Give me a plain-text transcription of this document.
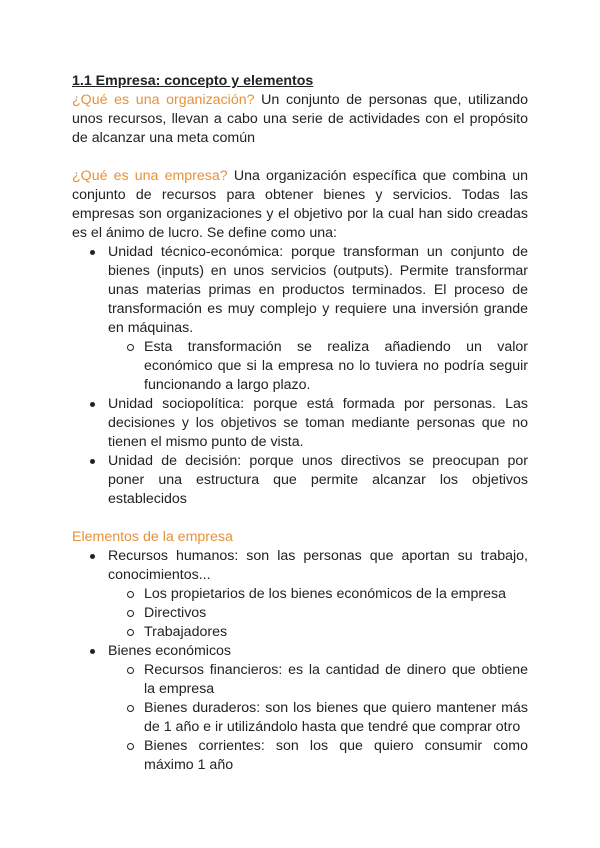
1.1 Empresa: concepto y elementos

¿Qué es una organización? Un conjunto de personas que, utilizando unos recursos, llevan a cabo una serie de actividades con el propósito de alcanzar una meta común

¿Qué es una empresa? Una organización específica que combina un conjunto de recursos para obtener bienes y servicios. Todas las empresas son organizaciones y el objetivo por la cual han sido creadas es el ánimo de lucro. Se define como una:

Unidad técnico-económica: porque transforman un conjunto de bienes (inputs) en unos servicios (outputs). Permite transformar unas materias primas en productos terminados. El proceso de transformación es muy complejo y requiere una inversión grande en máquinas.
Esta transformación se realiza añadiendo un valor económico que si la empresa no lo tuviera no podría seguir funcionando a largo plazo.
Unidad sociopolítica: porque está formada por personas. Las decisiones y los objetivos se toman mediante personas que no tienen el mismo punto de vista.
Unidad de decisión: porque unos directivos se preocupan por poner una estructura que permite alcanzar los objetivos establecidos
Elementos de la empresa
Recursos humanos: son las personas que aportan su trabajo, conocimientos...
Los propietarios de los bienes económicos de la empresa
Directivos
Trabajadores
Bienes económicos
Recursos financieros: es la cantidad de dinero que obtiene la empresa
Bienes duraderos: son los bienes que quiero mantener más de 1 año e ir utilizándolo hasta que tendré que comprar otro
Bienes corrientes: son los que quiero consumir como máximo 1 año
